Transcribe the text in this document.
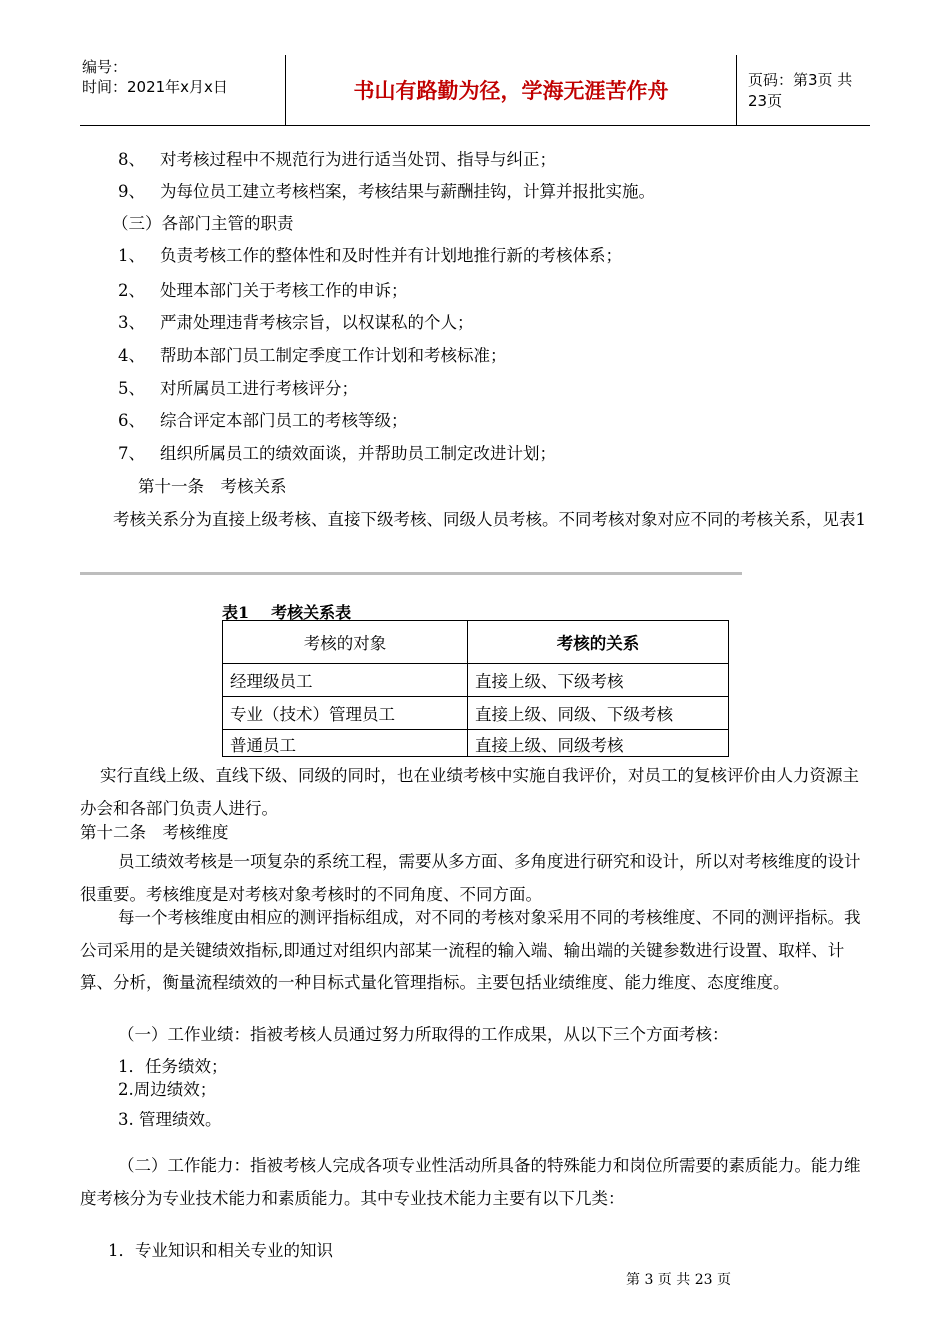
编号：
时间：2021年x月x日	书山有路勤为径，学海无涯苦作舟	页码：第3页 共23页
8、 对考核过程中不规范行为进行适当处罚、指导与纠正；
9、 为每位员工建立考核档案，考核结果与薪酬挂钩，计算并报批实施。
（三）各部门主管的职责
1、 负责考核工作的整体性和及时性并有计划地推行新的考核体系；
2、 处理本部门关于考核工作的申诉；
3、 严肃处理违背考核宗旨，以权谋私的个人；
4、 帮助本部门员工制定季度工作计划和考核标准；
5、 对所属员工进行考核评分；
6、 综合评定本部门员工的考核等级；
7、 组织所属员工的绩效面谈，并帮助员工制定改进计划；
第十一条　考核关系
考核关系分为直接上级考核、直接下级考核、同级人员考核。不同考核对象对应不同的考核关系，见表1
表1 考核关系表
考核的对象	考核的关系
经理级员工	直接上级、下级考核
专业（技术）管理员工	直接上级、同级、下级考核
普通员工	直接上级、同级考核
实行直线上级、直线下级、同级的同时，也在业绩考核中实施自我评价，对员工的复核评价由人力资源主办会和各部门负责人进行。
第十二条　考核维度
员工绩效考核是一项复杂的系统工程，需要从多方面、多角度进行研究和设计，所以对考核维度的设计很重要。考核维度是对考核对象考核时的不同角度、不同方面。
每一个考核维度由相应的测评指标组成，对不同的考核对象采用不同的考核维度、不同的测评指标。我公司采用的是关键绩效指标,即通过对组织内部某一流程的输入端、输出端的关键参数进行设置、取样、计算、分析，衡量流程绩效的一种目标式量化管理指标。主要包括业绩维度、能力维度、态度维度。
（一）工作业绩：指被考核人员通过努力所取得的工作成果，从以下三个方面考核：
1．任务绩效；
2.周边绩效；
3. 管理绩效。
（二）工作能力：指被考核人完成各项专业性活动所具备的特殊能力和岗位所需要的素质能力。能力维度考核分为专业技术能力和素质能力。其中专业技术能力主要有以下几类：
1．专业知识和相关专业的知识
第 3 页 共 23 页
